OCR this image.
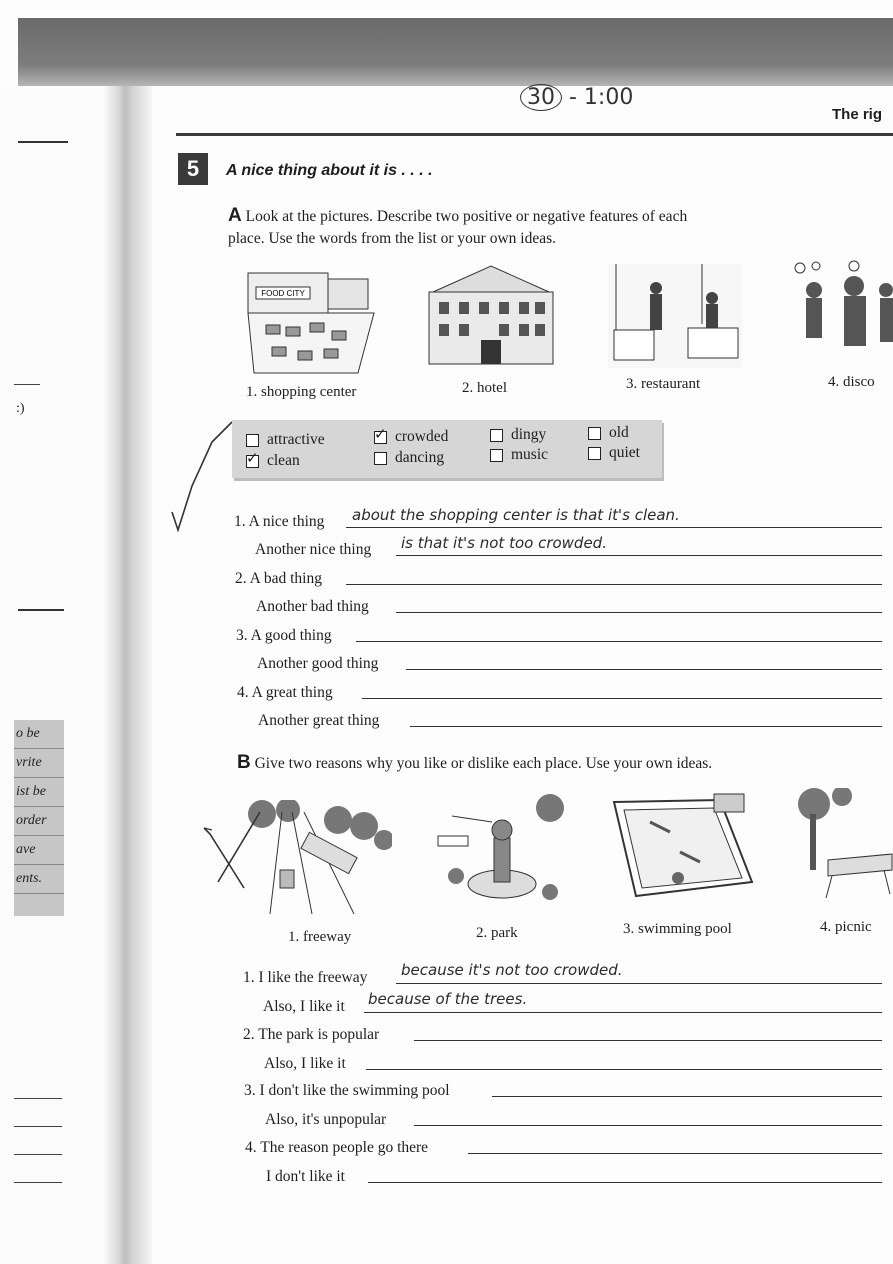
:)
o be
vrite
ist be
order
ave
ents.
30 - 1:00
The rig
5	A nice thing about it is . . . .
A Look at the pictures. Describe two positive or negative features of each
place. Use the words from the list or your own ideas.
FOOD CITY
1. shopping center	2. hotel	3. restaurant	4. disco
attractive
✓
clean
✓
crowded
dancing
dingy
music
old
quiet
1. A nice thing about the shopping center is that it's clean.
Another nice thing is that it's not too crowded.
2. A bad thing
Another bad thing
3. A good thing
Another good thing
4. A great thing
Another great thing
B Give two reasons why you like or dislike each place. Use your own ideas.
1. freeway	2. park	3. swimming pool	4. picnic
1. I like the freeway because it's not too crowded.
Also, I like it because of the trees.
2. The park is popular
Also, I like it
3. I don't like the swimming pool
Also, it's unpopular
4. The reason people go there
I don't like it
